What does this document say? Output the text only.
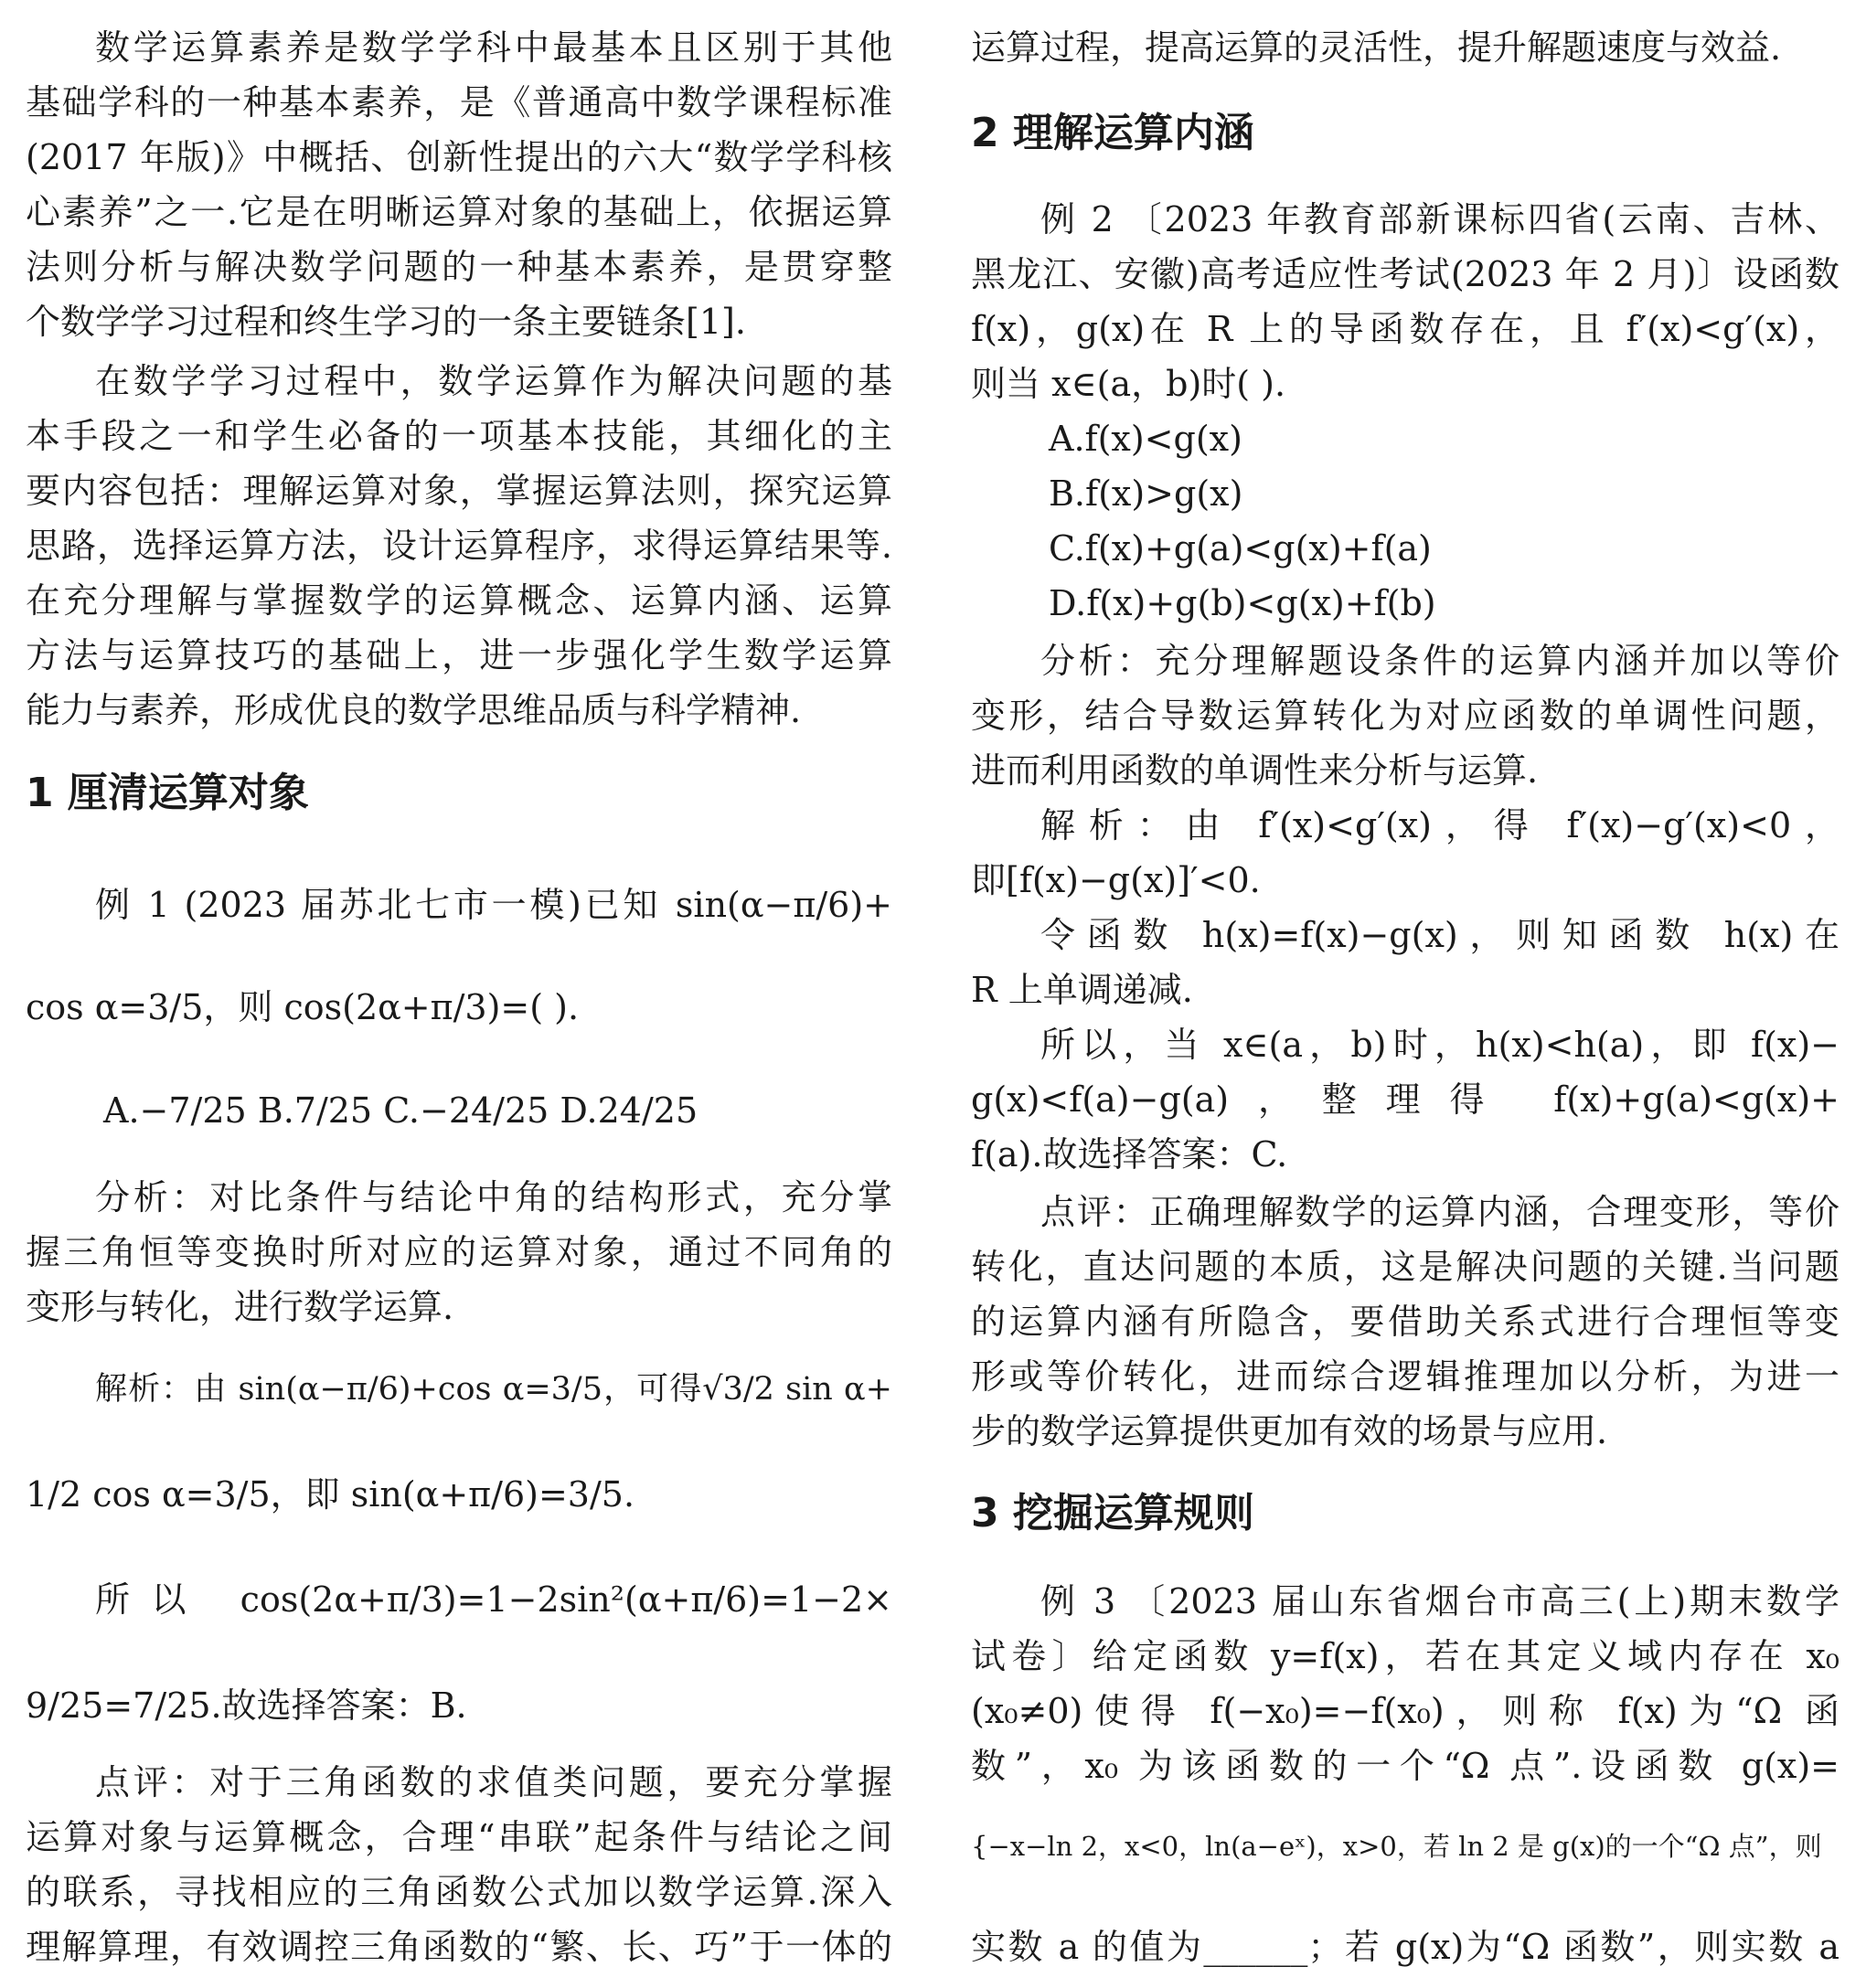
数学运算素养是数学学科中最基本且区别于其他
基础学科的一种基本素养，是《普通高中数学课程标准
(2017 年版)》中概括、创新性提出的六大“数学学科核
心素养”之一.它是在明晰运算对象的基础上，依据运算
法则分析与解决数学问题的一种基本素养，是贯穿整
个数学学习过程和终生学习的一条主要链条[1].
在数学学习过程中，数学运算作为解决问题的基
本手段之一和学生必备的一项基本技能，其细化的主
要内容包括：理解运算对象，掌握运算法则，探究运算
思路，选择运算方法，设计运算程序，求得运算结果等.
在充分理解与掌握数学的运算概念、运算内涵、运算
方法与运算技巧的基础上，进一步强化学生数学运算
能力与素养，形成优良的数学思维品质与科学精神.
1 厘清运算对象
例 1 (2023 届苏北七市一模)已知 sin(α−π/6)+
cos α=3/5，则 cos(2α+π/3)=( ).
A.−7/25 B.7/25 C.−24/25 D.24/25
分析：对比条件与结论中角的结构形式，充分掌
握三角恒等变换时所对应的运算对象，通过不同角的
变形与转化，进行数学运算.
解析：由 sin(α−π/6)+cos α=3/5，可得√3/2 sin α+
1/2 cos α=3/5，即 sin(α+π/6)=3/5.
所以 cos(2α+π/3)=1−2sin²(α+π/6)=1−2×
9/25=7/25.故选择答案：B.
点评：对于三角函数的求值类问题，要充分掌握
运算对象与运算概念，合理“串联”起条件与结论之间
的联系，寻找相应的三角函数公式加以数学运算.深入
理解算理，有效调控三角函数的“繁、长、巧”于一体的
运算过程，提高运算的灵活性，提升解题速度与效益.
2 理解运算内涵
例 2 〔2023 年教育部新课标四省(云南、吉林、
黑龙江、安徽)高考适应性考试(2023 年 2 月)〕设函数
f(x)，g(x)在 R 上的导函数存在，且 f′(x)<g′(x)，
则当 x∈(a，b)时( ).
A.f(x)<g(x)
B.f(x)>g(x)
C.f(x)+g(a)<g(x)+f(a)
D.f(x)+g(b)<g(x)+f(b)
分析：充分理解题设条件的运算内涵并加以等价
变形，结合导数运算转化为对应函数的单调性问题，
进而利用函数的单调性来分析与运算.
解析：由 f′(x)<g′(x)，得 f′(x)−g′(x)<0，
即[f(x)−g(x)]′<0.
令函数 h(x)=f(x)−g(x)，则知函数 h(x)在
R 上单调递减.
所以，当 x∈(a，b)时，h(x)<h(a)，即 f(x)−
g(x)<f(a)−g(a)，整理得 f(x)+g(a)<g(x)+
f(a).故选择答案：C.
点评：正确理解数学的运算内涵，合理变形，等价
转化，直达问题的本质，这是解决问题的关键.当问题
的运算内涵有所隐含，要借助关系式进行合理恒等变
形或等价转化，进而综合逻辑推理加以分析，为进一
步的数学运算提供更加有效的场景与应用.
3 挖掘运算规则
例 3 〔2023 届山东省烟台市高三(上)期末数学
试卷〕给定函数 y=f(x)，若在其定义域内存在 x₀
(x₀≠0)使得 f(−x₀)=−f(x₀)，则称 f(x)为“Ω 函
数”，x₀ 为该函数的一个“Ω 点”.设函数 g(x)=
{−x−ln 2，x<0，ln(a−eˣ)，x>0，若 ln 2 是 g(x)的一个“Ω 点”，则
实数 a 的值为______；若 g(x)为“Ω 函数”，则实数 a
